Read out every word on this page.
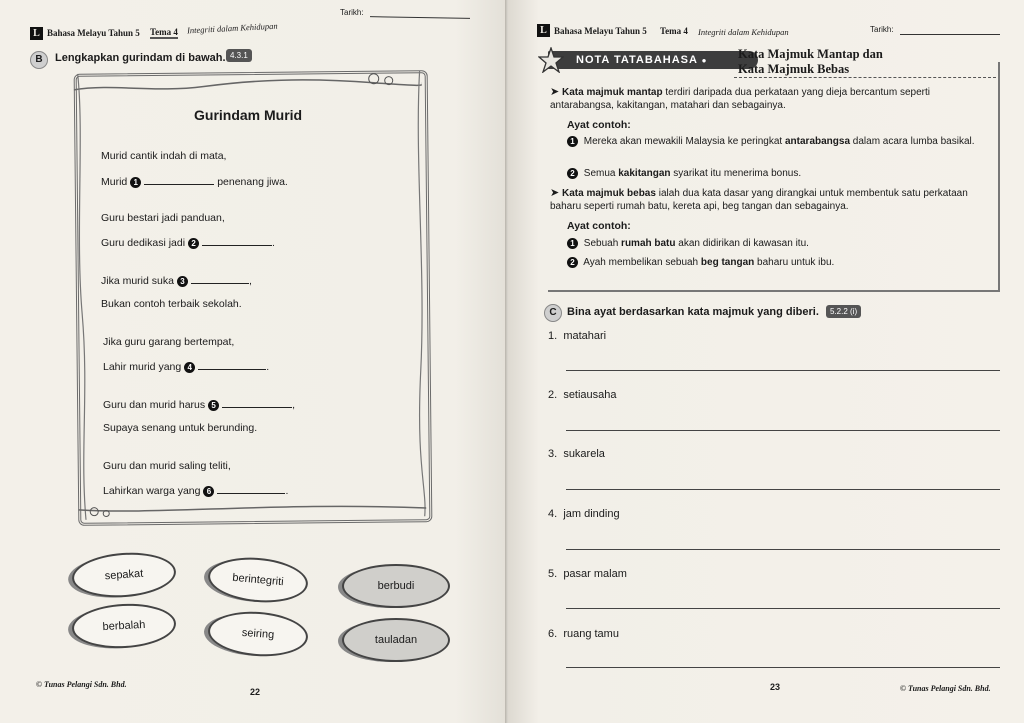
L Bahasa Melayu Tahun 5 Tema 4 Integriti dalam Kehidupan
Tarikh:
B	Lengkapkan gurindam di bawah. 4.3.1
Gurindam Murid
Murid cantik indah di mata,
Murid 1	penenang jiwa.
Guru bestari jadi panduan,
Guru dedikasi jadi 2	.
Jika murid suka 3	,
Bukan contoh terbaik sekolah.
Jika guru garang bertempat,
Lahir murid yang 4	.
Guru dan murid harus 5	,
Supaya senang untuk berunding.
Guru dan murid saling teliti,
Lahirkan warga yang 6	.
sepakat	berintegriti	berbudi
berbalah
seiring	tauladan
© Tunas Pelangi Sdn. Bhd.
22
L Bahasa Melayu Tahun 5 Tema 4 Integriti dalam Kehidupan	Tarikh:
NOTA TATABAHASA ●	Kata Majmuk Mantap dan
Kata Majmuk Bebas
➤ Kata majmuk mantap terdiri daripada dua perkataan yang dieja bercantum seperti antarabangsa, kakitangan, matahari dan sebagainya.
Ayat contoh:
1 Mereka akan mewakili Malaysia ke peringkat antarabangsa dalam acara lumba basikal.
2 Semua kakitangan syarikat itu menerima bonus.
➤ Kata majmuk bebas ialah dua kata dasar yang dirangkai untuk membentuk satu perkataan baharu seperti rumah batu, kereta api, beg tangan dan sebagainya.
Ayat contoh:
1 Sebuah rumah batu akan didirikan di kawasan itu.
2 Ayah membelikan sebuah beg tangan baharu untuk ibu.
C Bina ayat berdasarkan kata majmuk yang diberi.	5.2.2 (i)
1. matahari
2. setiausaha
3. sukarela
4. jam dinding
5. pasar malam
6. ruang tamu
23	© Tunas Pelangi Sdn. Bhd.
